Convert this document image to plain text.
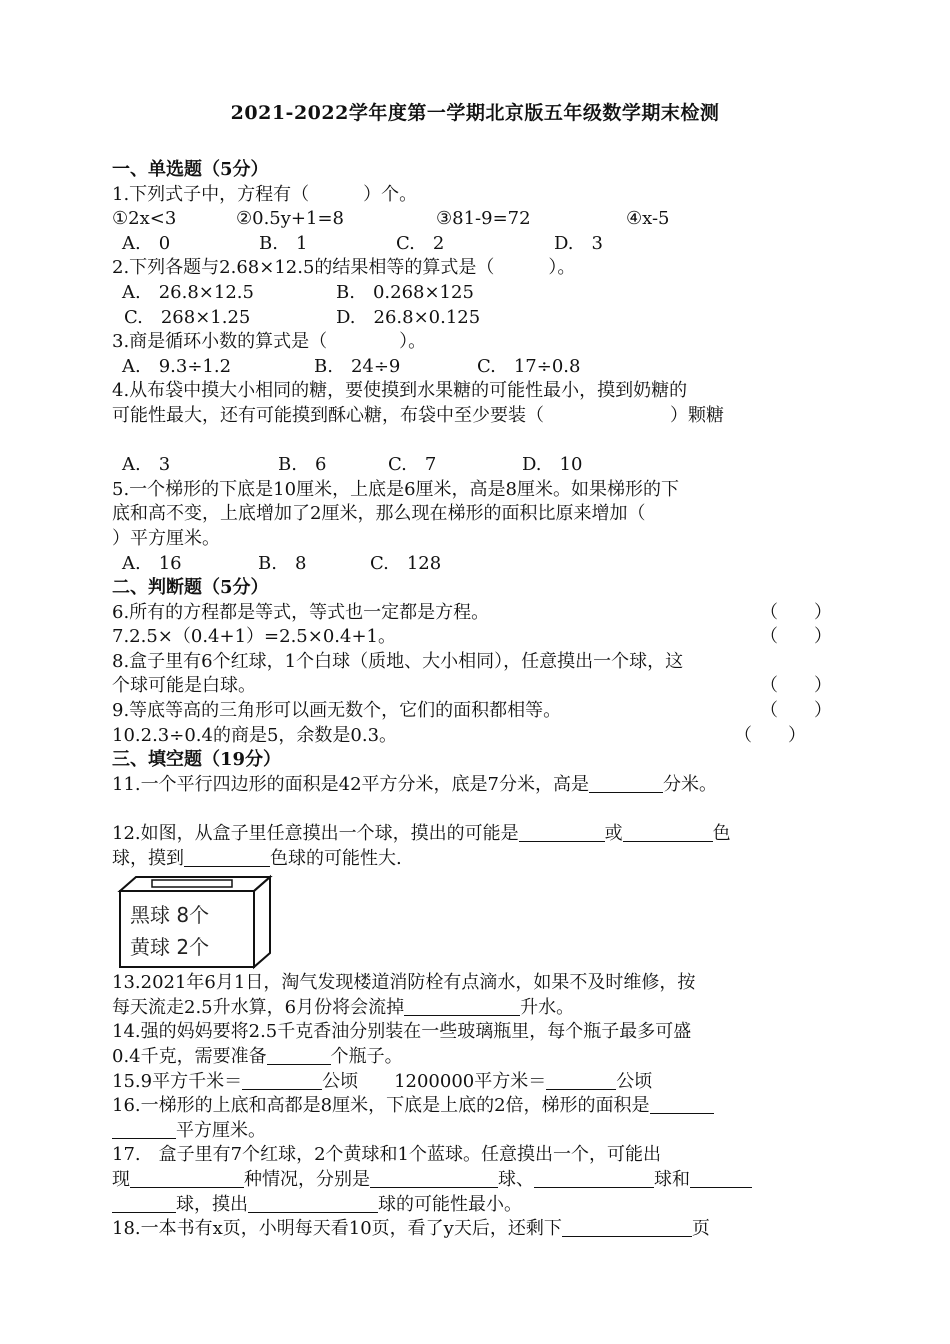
2021-2022学年度第一学期北京版五年级数学期末检测
一、单选题（5分）
1.下列式子中，方程有（　　　）个。
①2x<3	②0.5y+1=8	③81-9=72	④x-5
A.　0	B.　1	C.　2	D.　3
2.下列各题与2.68×12.5的结果相等的算式是（　　　）。
A.　26.8×12.5	B.　0.268×125
C.　268×1.25	D.　26.8×0.125
3.商是循环小数的算式是（　　　　）。
A.　9.3÷1.2	B.　24÷9	C.　17÷0.8
4.从布袋中摸大小相同的糖，要使摸到水果糖的可能性最小，摸到奶糖的
可能性最大，还有可能摸到酥心糖，布袋中至少要装（　　　　　　　）颗糖
A.　3	B.　6	C.　7	D.　10
5.一个梯形的下底是10厘米，上底是6厘米，高是8厘米。如果梯形的下
底和高不变，上底增加了2厘米，那么现在梯形的面积比原来增加（
）平方厘米。
A.　16	B.　8	C.　128
二、判断题（5分）
6.所有的方程都是等式，等式也一定都是方程。	（　　）
7.2.5×（0.4+1）=2.5×0.4+1。	（　　）
8.盒子里有6个红球，1个白球（质地、大小相同），任意摸出一个球，这
个球可能是白球。	（　　）
9.等底等高的三角形可以画无数个，它们的面积都相等。	（　　）
10.2.3÷0.4的商是5，余数是0.3。	（　　）
三、填空题（19分）
11.一个平行四边形的面积是42平方分米，底是7分米，高是	分米。
12.如图，从盒子里任意摸出一个球，摸出的可能是	或	色
球，摸到	色球的可能性大.
黑球 8个
黄球 2个
13.2021年6月1日，淘气发现楼道消防栓有点滴水，如果不及时维修，按
每天流走2.5升水算，6月份将会流掉	升水。
14.强的妈妈要将2.5千克香油分别装在一些玻璃瓶里，每个瓶子最多可盛
0.4千克，需要准备	个瓶子。
15.9平方千米＝	公顷　　1200000平方米＝	公顷
16.一梯形的上底和高都是8厘米，下底是上底的2倍，梯形的面积是
平方厘米。
17.　盒子里有7个红球，2个黄球和1个蓝球。任意摸出一个，可能出
现	种情况，分别是	球、	球和
球，摸出	球的可能性最小。
18.一本书有x页，小明每天看10页，看了y天后，还剩下	页
